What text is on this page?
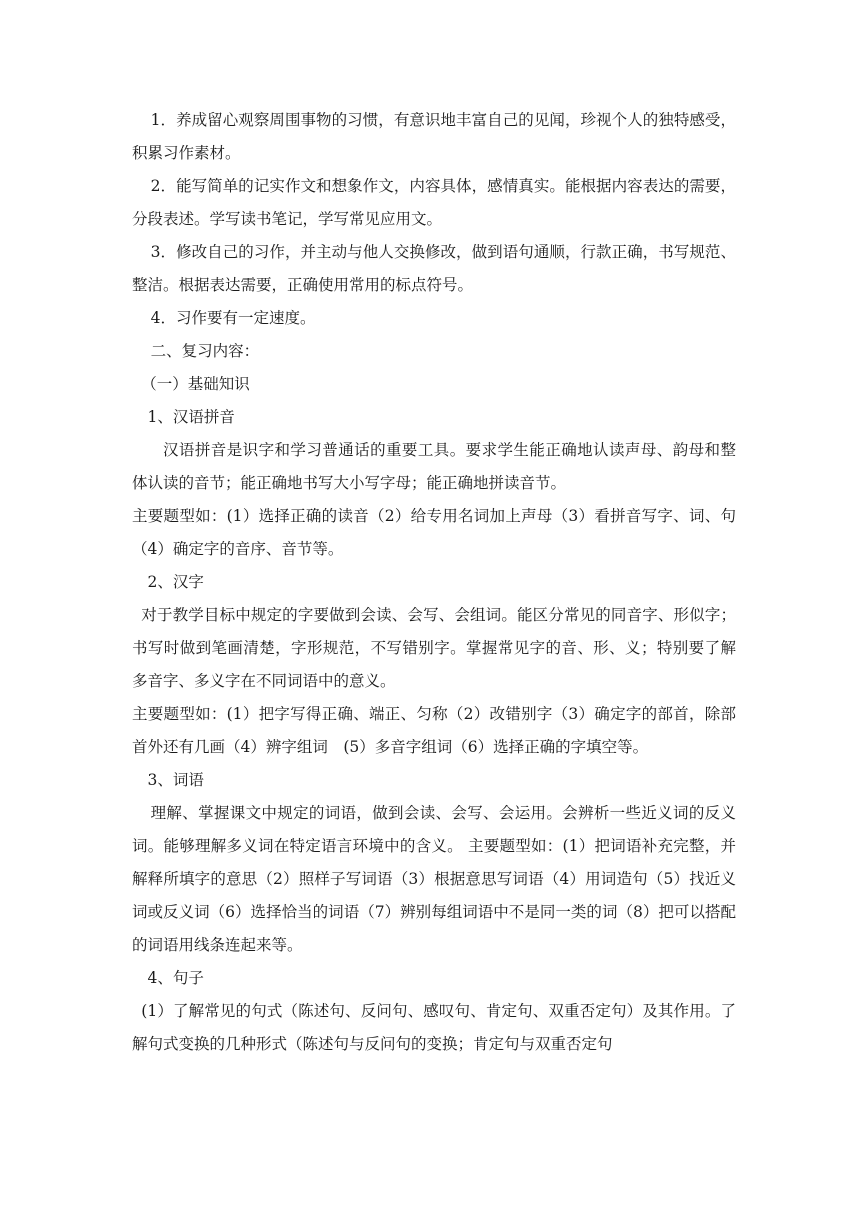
1．养成留心观察周围事物的习惯，有意识地丰富自己的见闻，珍视个人的独特感受，积累习作素材。

2．能写简单的记实作文和想象作文，内容具体，感情真实。能根据内容表达的需要，分段表述。学写读书笔记，学写常见应用文。

3．修改自己的习作，并主动与他人交换修改，做到语句通顺，行款正确，书写规范、整洁。根据表达需要，正确使用常用的标点符号。

4．习作要有一定速度。

二、复习内容：

（一）基础知识

1、汉语拼音

汉语拼音是识字和学习普通话的重要工具。要求学生能正确地认读声母、韵母和整体认读的音节；能正确地书写大小写字母；能正确地拼读音节。

主要题型如：(1）选择正确的读音（2）给专用名词加上声母（3）看拼音写字、词、句　（4）确定字的音序、音节等。

2、汉字

对于教学目标中规定的字要做到会读、会写、会组词。能区分常见的同音字、形似字；书写时做到笔画清楚，字形规范，不写错别字。掌握常见字的音、形、义；特别要了解多音字、多义字在不同词语中的意义。

主要题型如：(1）把字写得正确、端正、匀称（2）改错别字（3）确定字的部首，除部首外还有几画（4）辨字组词　(5）多音字组词（6）选择正确的字填空等。

3、词语

理解、掌握课文中规定的词语，做到会读、会写、会运用。会辨析一些近义词的反义词。能够理解多义词在特定语言环境中的含义。 主要题型如：(1）把词语补充完整，并解释所填字的意思（2）照样子写词语（3）根据意思写词语（4）用词造句（5）找近义词或反义词（6）选择恰当的词语（7）辨别每组词语中不是同一类的词（8）把可以搭配的词语用线条连起来等。

4、句子

(1）了解常见的句式（陈述句、反问句、感叹句、肯定句、双重否定句）及其作用。了解句式变换的几种形式（陈述句与反问句的变换；肯定句与双重否定句
